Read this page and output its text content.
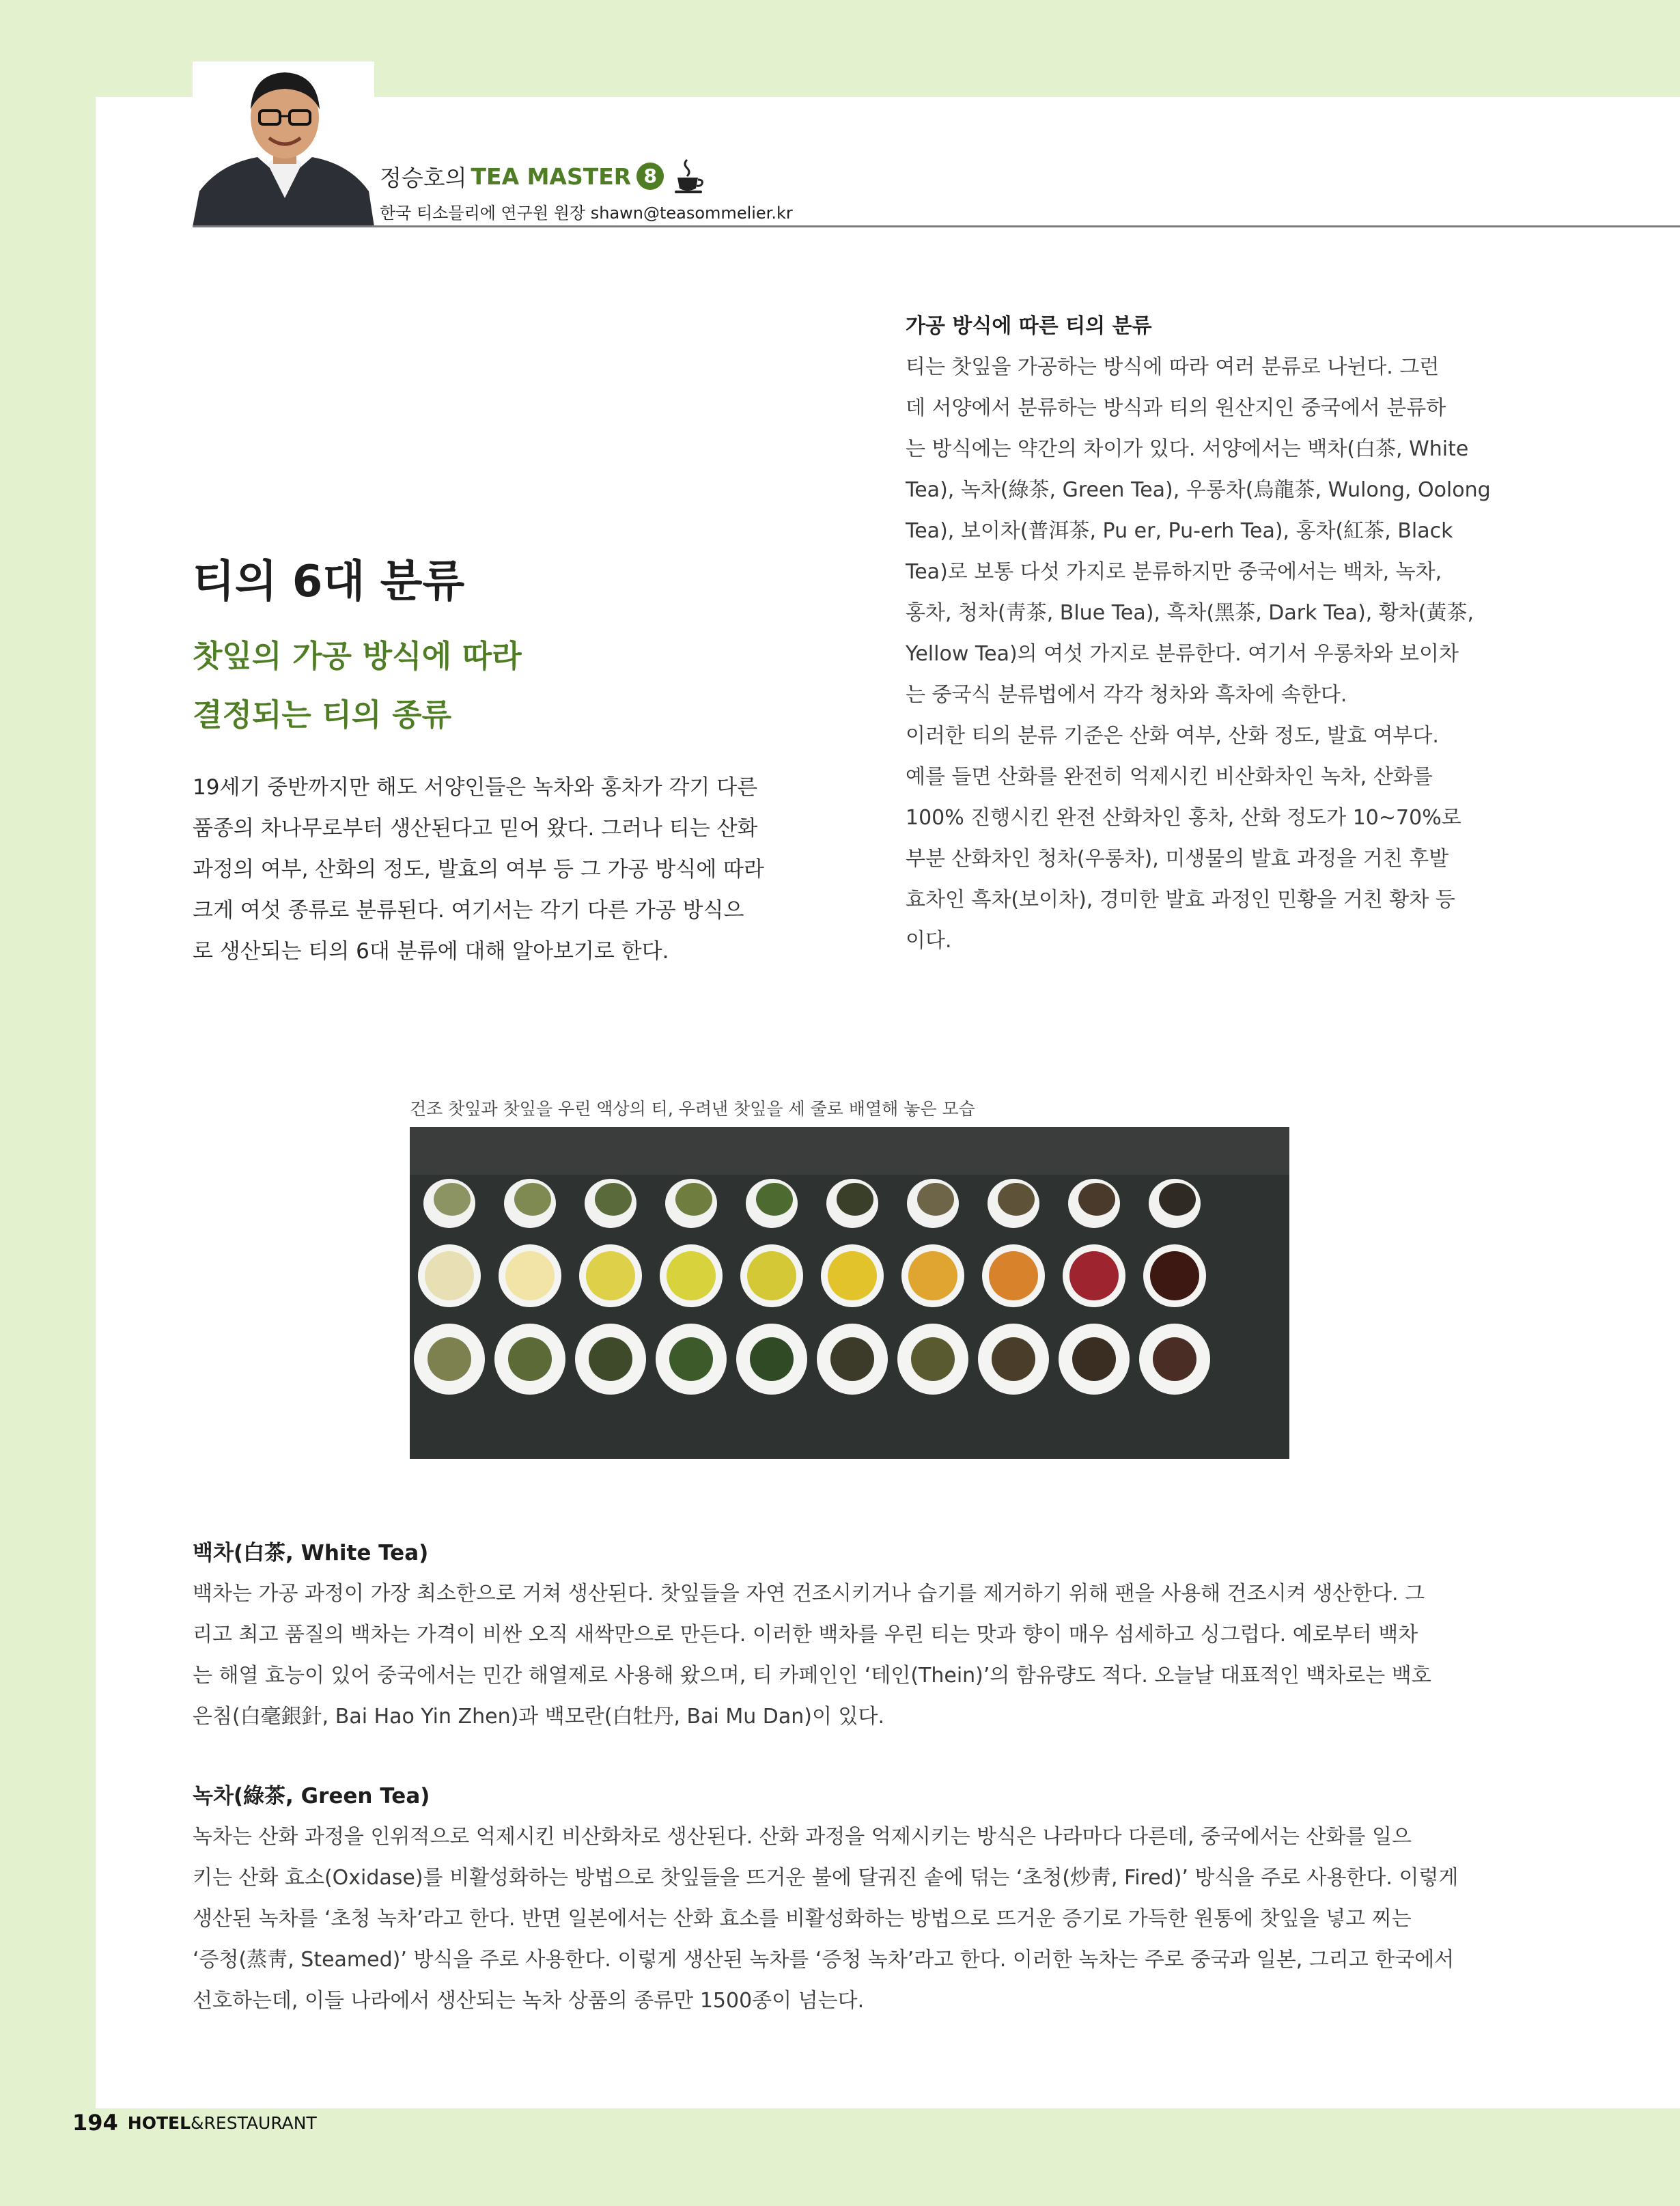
정승호의 TEA MASTER 8
한국 티소믈리에 연구원 원장 shawn@teasommelier.kr
티의 6대 분류
찻잎의 가공 방식에 따라
결정되는 티의 종류
19세기 중반까지만 해도 서양인들은 녹차와 홍차가 각기 다른
품종의 차나무로부터 생산된다고 믿어 왔다. 그러나 티는 산화
과정의 여부, 산화의 정도, 발효의 여부 등 그 가공 방식에 따라
크게 여섯 종류로 분류된다. 여기서는 각기 다른 가공 방식으
로 생산되는 티의 6대 분류에 대해 알아보기로 한다.
가공 방식에 따른 티의 분류
티는 찻잎을 가공하는 방식에 따라 여러 분류로 나뉜다. 그런
데 서양에서 분류하는 방식과 티의 원산지인 중국에서 분류하
는 방식에는 약간의 차이가 있다. 서양에서는 백차(白茶, White
Tea), 녹차(綠茶, Green Tea), 우롱차(烏龍茶, Wulong, Oolong
Tea), 보이차(普洱茶, Pu er, Pu-erh Tea), 홍차(紅茶, Black
Tea)로 보통 다섯 가지로 분류하지만 중국에서는 백차, 녹차,
홍차, 청차(靑茶, Blue Tea), 흑차(黑茶, Dark Tea), 황차(黃茶,
Yellow Tea)의 여섯 가지로 분류한다. 여기서 우롱차와 보이차
는 중국식 분류법에서 각각 청차와 흑차에 속한다.
이러한 티의 분류 기준은 산화 여부, 산화 정도, 발효 여부다.
예를 들면 산화를 완전히 억제시킨 비산화차인 녹차, 산화를
100% 진행시킨 완전 산화차인 홍차, 산화 정도가 10~70%로
부분 산화차인 청차(우롱차), 미생물의 발효 과정을 거친 후발
효차인 흑차(보이차), 경미한 발효 과정인 민황을 거친 황차 등
이다.
건조 찻잎과 찻잎을 우린 액상의 티, 우려낸 찻잎을 세 줄로 배열해 놓은 모습
백차(白茶, White Tea)
백차는 가공 과정이 가장 최소한으로 거쳐 생산된다. 찻잎들을 자연 건조시키거나 습기를 제거하기 위해 팬을 사용해 건조시켜 생산한다. 그
리고 최고 품질의 백차는 가격이 비싼 오직 새싹만으로 만든다. 이러한 백차를 우린 티는 맛과 향이 매우 섬세하고 싱그럽다. 예로부터 백차
는 해열 효능이 있어 중국에서는 민간 해열제로 사용해 왔으며, 티 카페인인 ‘테인(Thein)’의 함유량도 적다. 오늘날 대표적인 백차로는 백호
은침(白毫銀針, Bai Hao Yin Zhen)과 백모란(白牡丹, Bai Mu Dan)이 있다.
녹차(綠茶, Green Tea)
녹차는 산화 과정을 인위적으로 억제시킨 비산화차로 생산된다. 산화 과정을 억제시키는 방식은 나라마다 다른데, 중국에서는 산화를 일으
키는 산화 효소(Oxidase)를 비활성화하는 방법으로 찻잎들을 뜨거운 불에 달궈진 솥에 덖는 ‘초청(炒靑, Fired)’ 방식을 주로 사용한다. 이렇게
생산된 녹차를 ‘초청 녹차’라고 한다. 반면 일본에서는 산화 효소를 비활성화하는 방법으로 뜨거운 증기로 가득한 원통에 찻잎을 넣고 찌는
‘증청(蒸靑, Steamed)’ 방식을 주로 사용한다. 이렇게 생산된 녹차를 ‘증청 녹차’라고 한다. 이러한 녹차는 주로 중국과 일본, 그리고 한국에서
선호하는데, 이들 나라에서 생산되는 녹차 상품의 종류만 1500종이 넘는다.
194 HOTEL & RESTAURANT
